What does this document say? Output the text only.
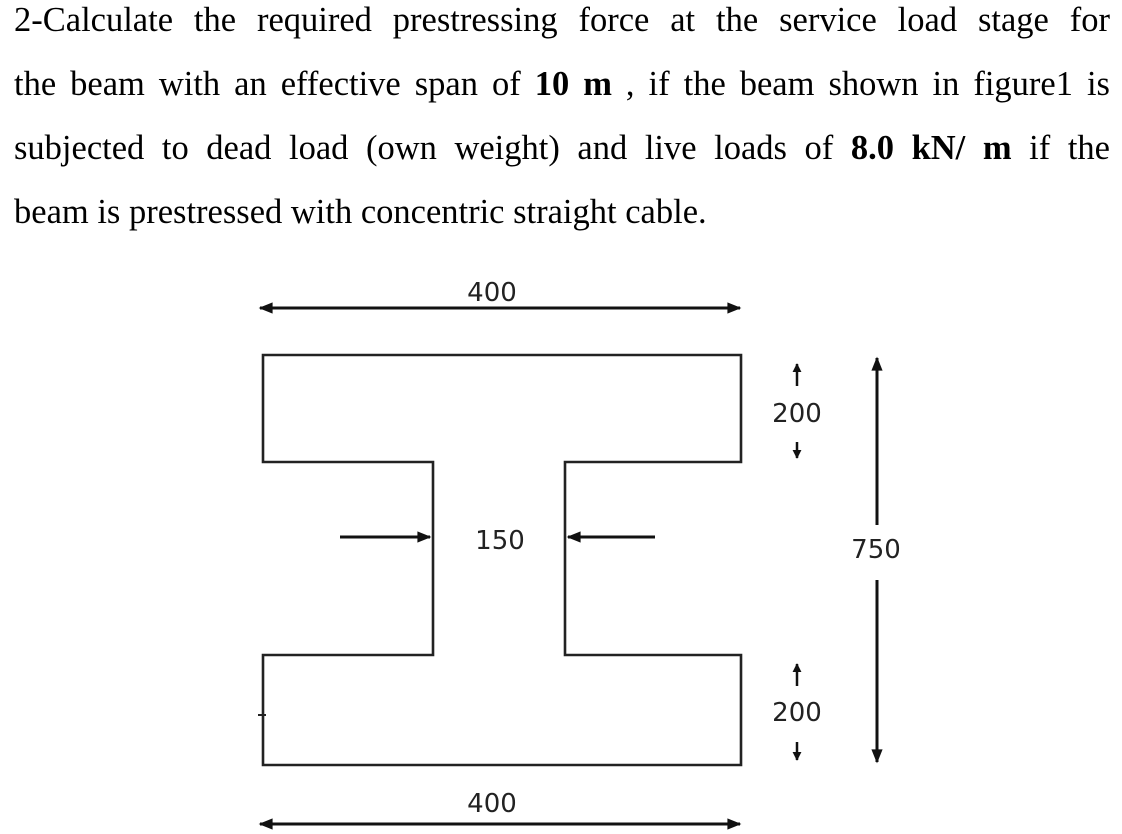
2-Calculate the required prestressing force at the service load stage for
the beam with an effective span of 10 m , if the beam shown in figure1 is
subjected to dead load (own weight) and live loads of 8.0 kN/ m if the
beam is prestressed with concentric straight cable.
400
150
200
200
750
400
